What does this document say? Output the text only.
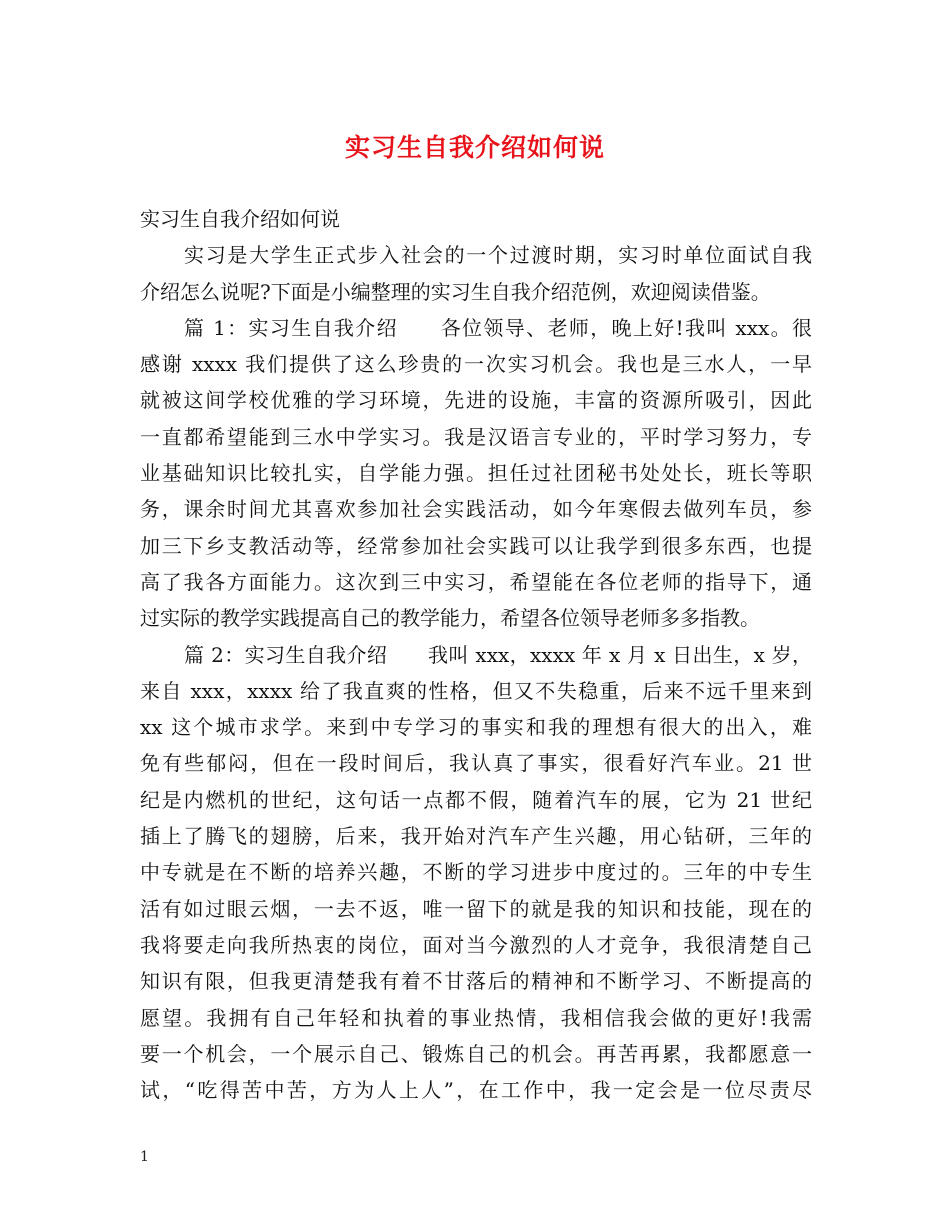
实习生自我介绍如何说
实习生自我介绍如何说
实习是大学生正式步入社会的一个过渡时期，实习时单位面试自我
介绍怎么说呢?下面是小编整理的实习生自我介绍范例，欢迎阅读借鉴。
篇 1：实习生自我介绍　　各位领导、老师，晚上好!我叫 xxx。很
感谢 xxxx 我们提供了这么珍贵的一次实习机会。我也是三水人，一早
就被这间学校优雅的学习环境，先进的设施，丰富的资源所吸引，因此
一直都希望能到三水中学实习。我是汉语言专业的，平时学习努力，专
业基础知识比较扎实，自学能力强。担任过社团秘书处处长，班长等职
务，课余时间尤其喜欢参加社会实践活动，如今年寒假去做列车员，参
加三下乡支教活动等，经常参加社会实践可以让我学到很多东西，也提
高了我各方面能力。这次到三中实习，希望能在各位老师的指导下，通
过实际的教学实践提高自己的教学能力，希望各位领导老师多多指教。
篇 2：实习生自我介绍　　我叫 xxx，xxxx 年 x 月 x 日出生，x 岁，
来自 xxx，xxxx 给了我直爽的性格，但又不失稳重，后来不远千里来到
xx 这个城市求学。来到中专学习的事实和我的理想有很大的出入，难
免有些郁闷，但在一段时间后，我认真了事实，很看好汽车业。21 世
纪是内燃机的世纪，这句话一点都不假，随着汽车的展，它为 21 世纪
插上了腾飞的翅膀，后来，我开始对汽车产生兴趣，用心钻研，三年的
中专就是在不断的培养兴趣，不断的学习进步中度过的。三年的中专生
活有如过眼云烟，一去不返，唯一留下的就是我的知识和技能，现在的
我将要走向我所热衷的岗位，面对当今激烈的人才竞争，我很清楚自己
知识有限，但我更清楚我有着不甘落后的精神和不断学习、不断提高的
愿望。我拥有自己年轻和执着的事业热情，我相信我会做的更好!我需
要一个机会，一个展示自己、锻炼自己的机会。再苦再累，我都愿意一
试，“吃得苦中苦，方为人上人”，在工作中，我一定会是一位尽责尽
1
